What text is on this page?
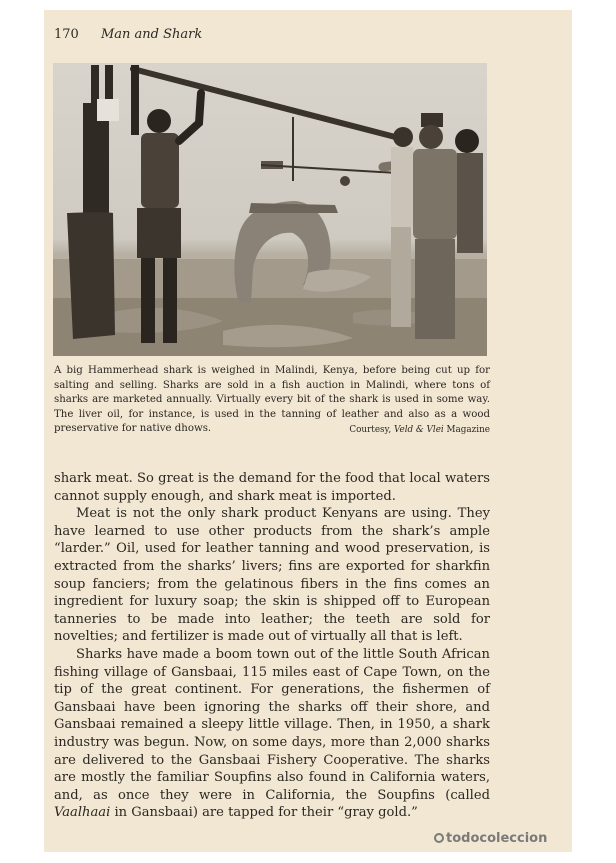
170 Man and Shark
A big Hammerhead shark is weighed in Malindi, Kenya, before being cut up for salting and selling. Sharks are sold in a fish auction in Malindi, where tons of sharks are marketed annually. Virtually every bit of the shark is used in some way. The liver oil, for instance, is used in the tanning of leather and also as a wood preservative for native dhows.	Courtesy, Veld & Vlei Magazine

shark meat. So great is the demand for the food that local waters cannot supply enough, and shark meat is imported.

Meat is not the only shark product Kenyans are using. They have learned to use other products from the shark’s ample “larder.” Oil, used for leather tanning and wood preservation, is extracted from the sharks’ livers; fins are exported for sharkfin soup fanciers; from the gelatinous fibers in the fins comes an ingredient for luxury soap; the skin is shipped off to European tanneries to be made into leather; the teeth are sold for novelties; and fertilizer is made out of virtually all that is left.

Sharks have made a boom town out of the little South African fishing village of Gansbaai, 115 miles east of Cape Town, on the tip of the great continent. For generations, the fishermen of Gansbaai have been ignoring the sharks off their shore, and Gansbaai remained a sleepy little village. Then, in 1950, a shark industry was begun. Now, on some days, more than 2,000 sharks are delivered to the Gansbaai Fishery Cooperative. The sharks are mostly the familiar Soupfins also found in California waters, and, as once they were in California, the Soupfins (called Vaalhaai in Gansbaai) are tapped for their “gray gold.”

todocoleccion
